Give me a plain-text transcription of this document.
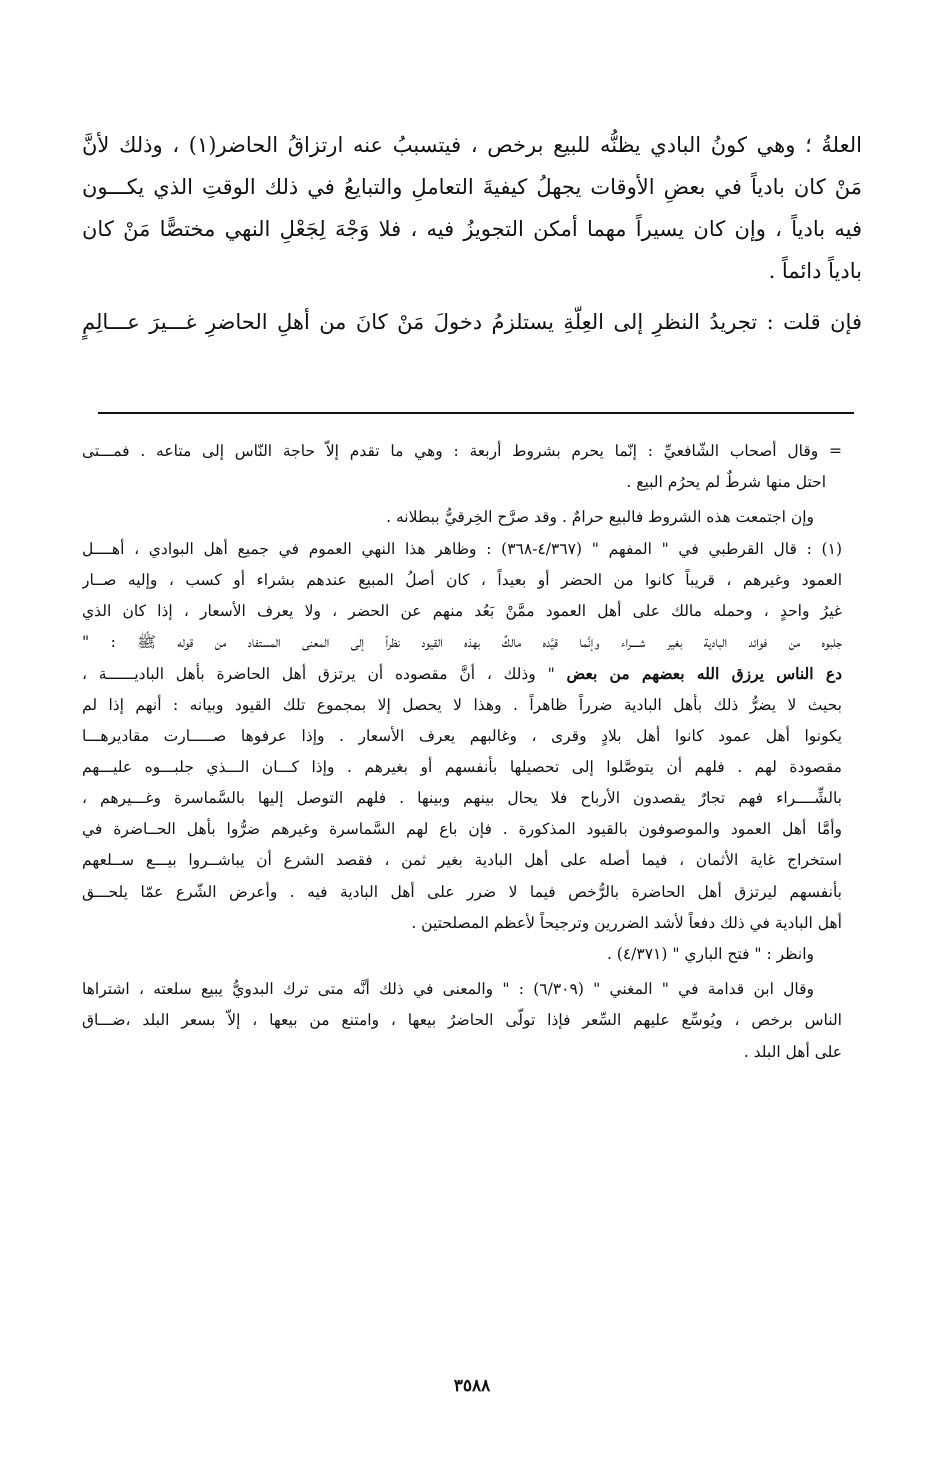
العلةُ ؛ وهي كونُ البادي يظنُّه للبيع برخص ، فيتسببُ عنه ارتزاقُ الحاضر(١) ، وذلك لأنَّ
مَنْ كان بادياً في بعضِ الأوقات يجهلُ كيفيةَ التعاملِ والتبايعُ في ذلك الوقتِ الذي يكـــون
فيه بادياً ، وإن كان يسيراً مهما أمكن التجويزُ فيه ، فلا وَجْهَ لِجَعْلِ النهي مختصًّا مَنْ كان
بادياً دائماً .
فإن قلت : تجريدُ النظرِ إلى العِلّةِ يستلزمُ دخولَ مَنْ كانَ من أهلِ الحاضرِ غـــيرَ عـــالِمٍ
= وقال أصحاب الشّافعيِّ : إنّما يحرم بشروط أربعة : وهي ما تقدم إلاّ حاجة النّاس إلى متاعه . فمـــتى
احتل منها شرطٌ لم يحرُم البيع .
وإن اجتمعت هذه الشروط فالبيع حرامٌ . وقد صرَّح الخِرقيُّ ببطلانه .
(١) : قال القرطبي في " المفهم " (٤/٣٦٧-٣٦٨) : وظاهر هذا النهي العموم في جميع أهل البوادي ، أهــــل
العمود وغيرهم ، قريباً كانوا من الحضر أو بعيداً ، كان أصلُ المبيع عندهم بشراء أو كسب ، وإليه صــار
غيرُ واحدٍ ، وحمله مالك على أهل العمود ممَّنْ بَعُد منهم عن الحضر ، ولا يعرف الأسعار ، إذا كان الذي
جلبوه من فوائد البادية بغير شــــراء وإنَّما قيَّده مالكٌ بهذه القيود نظراً إلى المعنى المستفاد من قوله ﷺ : "
دع الناس يرزق الله بعضهم من بعض " وذلك ، أنَّ مقصوده أن يرتزق أهل الحاضرة بأهل الباديــــــة ،
بحيث لا يضرُّ ذلك بأهل البادية ضرراً ظاهراً . وهذا لا يحصل إلا بمجموع تلك القيود وبيانه : أنهم إذا لم
يكونوا أهل عمود كانوا أهل بلادٍ وقرى ، وغالبهم يعرف الأسعار . وإذا عرفوها صـــــارت مقاديرهـــا
مقصودة لهم . فلهم أن يتوصَّلوا إلى تحصيلها بأنفسهم أو بغيرهم . وإذا كـــان الـــذي جلبـــوه عليـــهم
بالشِّــــراء فهم تجارٌ يقصدون الأرباح فلا يحال بينهم وبينها . فلهم التوصل إليها بالسَّماسرة وغـــيرهم ،
وأمَّا أهل العمود والموصوفون بالقيود المذكورة . فإن باع لهم السَّماسرة وغيرهم ضرُّوا بأهل الحــاضرة في
استخراج غاية الأثمان ، فيما أصله على أهل البادية بغير ثمن ، فقصد الشرع أن يباشــروا بيـــع ســلعهم
بأنفسهم ليرتزق أهل الحاضرة بالرُّخص فيما لا ضرر على أهل البادية فيه . وأعرض الشّرع عمّا يلحـــق
أهل البادية في ذلك دفعاً لأشد الضررين وترجيحاً لأعظم المصلحتين .
وانظر : " فتح الباري " (٤/٣٧١) .
وقال ابن قدامة في " المغني " (٦/٣٠٩) : " والمعنى في ذلك أنَّه متى ترك البدويُّ يبيع سلعته ، اشتراها
الناس برخص ، ويُوسِّع عليهم السِّعر فإذا تولّى الحاضرُ بيعها ، وامتنع من بيعها ، إلاّ بسعر البلد ،ضـــاق
على أهل البلد .
٣٥٨٨
